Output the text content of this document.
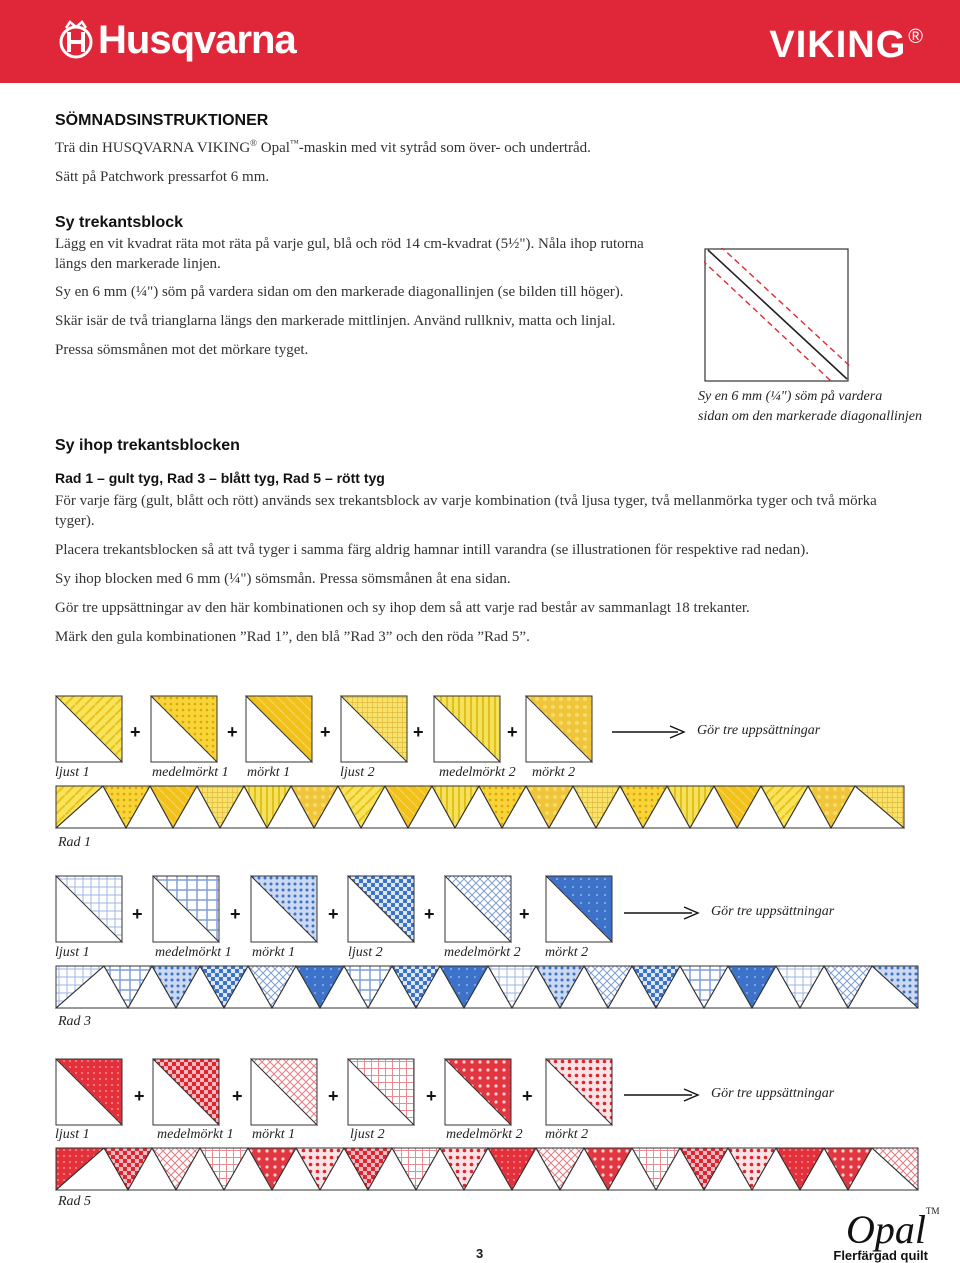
Husqvarna	VIKING ®

SÖMNADSINSTRUKTIONER

Trä din HUSQVARNA VIKING® Opal™-maskin med vit sytråd som över- och undertråd.

Sätt på Patchwork pressarfot 6 mm.

Sy trekantsblock

Lägg en vit kvadrat räta mot räta på varje gul, blå och röd 14 cm-kvadrat (5½"). Nåla ihop rutorna längs den markerade linjen.

Sy en 6 mm (¼") söm på vardera sidan om den markerade diagonallinjen (se bilden till höger).

Skär isär de två trianglarna längs den markerade mittlinjen. Använd rullkniv, matta och linjal.

Pressa sömsmånen mot det mörkare tyget.

Sy en 6 mm (¼") söm på vardera
sidan om den markerade diagonallinjen

Sy ihop trekantsblocken

Rad 1 – gult tyg, Rad 3 – blått tyg, Rad 5 – rött tyg

För varje färg (gult, blått och rött) används sex trekantsblock av varje kombination (två ljusa tyger, två mellanmörka tyger och två mörka tyger).

Placera trekantsblocken så att två tyger i samma färg aldrig hamnar intill varandra (se illustrationen för respektive rad nedan).

Sy ihop blocken med 6 mm (¼") sömsmån. Pressa sömsmånen åt ena sidan.

Gör tre uppsättningar av den här kombinationen och sy ihop dem så att varje rad består av sammanlagt 18 trekanter.

Märk den gula kombinationen ”Rad 1”, den blå ”Rad 3” och den röda ”Rad 5”.

+	+	+	+	+	Gör tre uppsättningar
ljust 1	medelmörkt 1 mörkt 1	ljust 2	medelmörkt 2 mörkt 2
Rad 1
+	+	+	+	+	Gör tre uppsättningar
ljust 1	medelmörkt 1 mörkt 1	ljust 2	medelmörkt 2 mörkt 2
Rad 3
+	+	+	+	+	Gör tre uppsättningar
ljust 1	medelmörkt 1 mörkt 1	ljust 2	medelmörkt 2 mörkt 2
Rad 5
Opal™
3	Flerfärgad quilt
